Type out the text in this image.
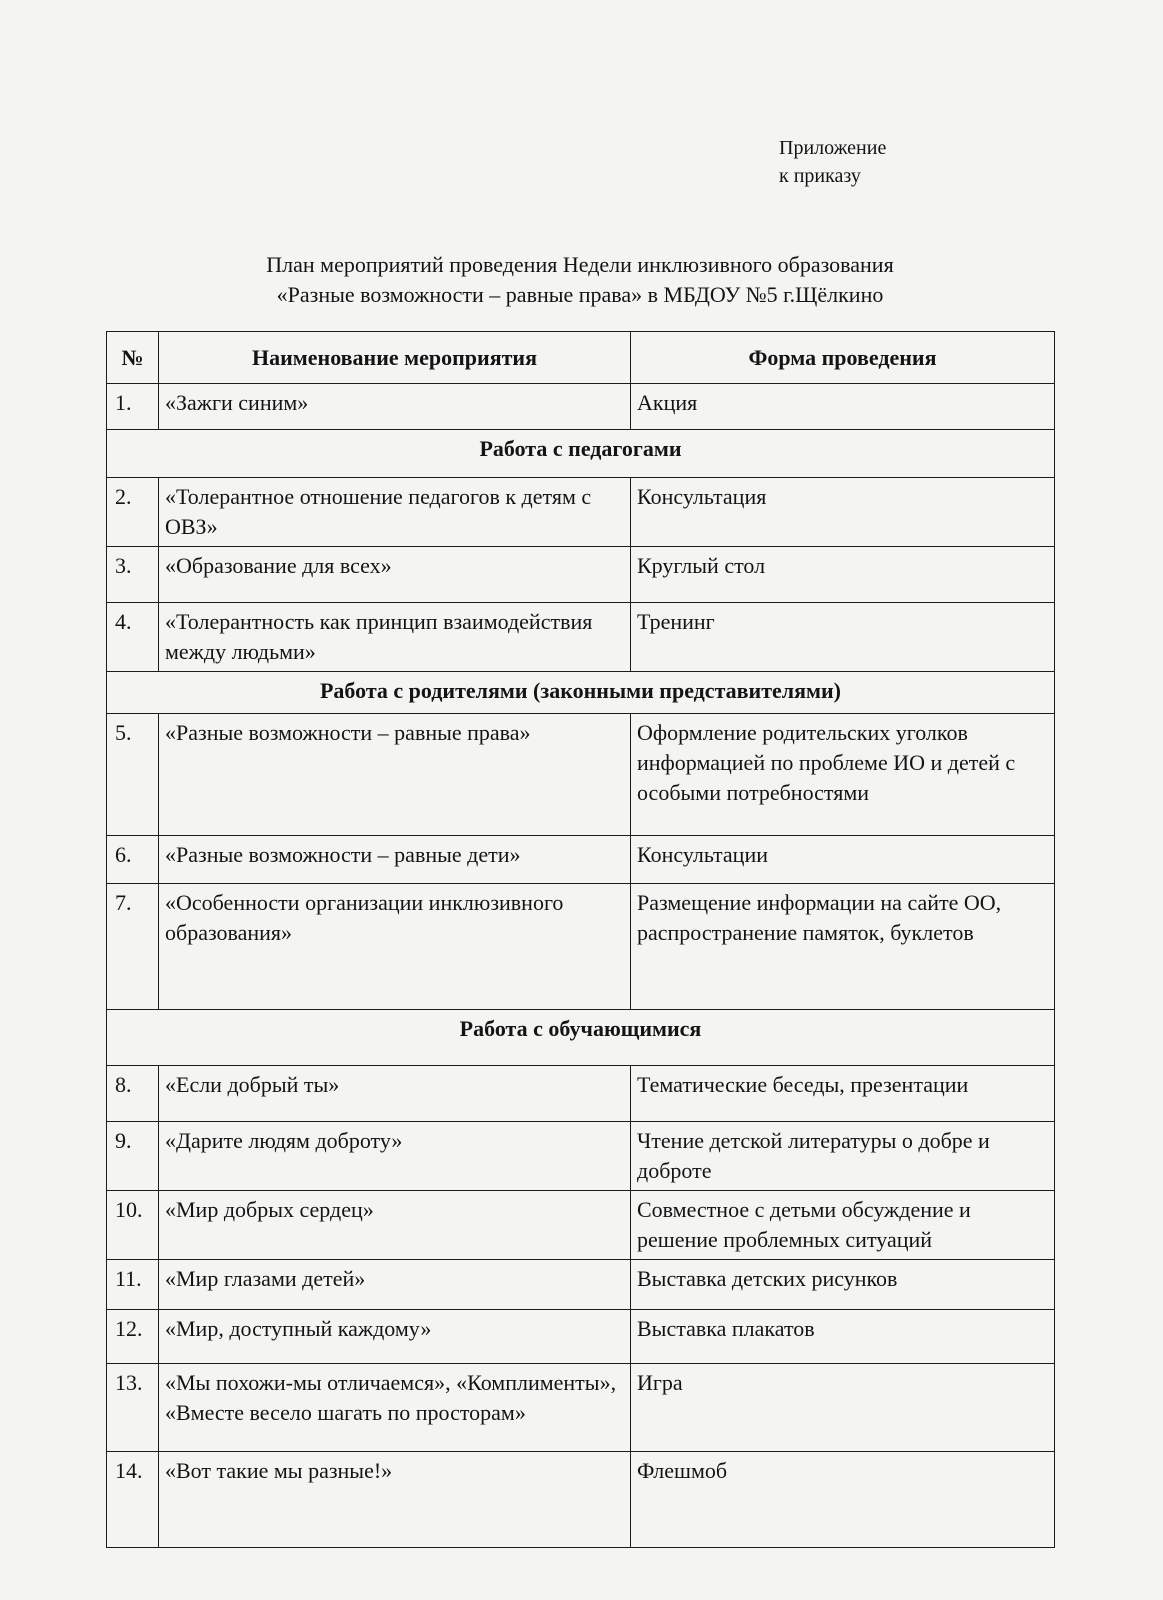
Приложение
к приказу
План мероприятий проведения Недели инклюзивного образования
«Разные возможности – равные права» в МБДОУ №5 г.Щёлкино
№	Наименование мероприятия	Форма проведения
1.	«Зажги синим»	Акция
Работа с педагогами		
2.	«Толерантное отношение педагогов к детям с ОВЗ»	Консультация
3.	«Образование для всех»	Круглый стол
4.	«Толерантность как принцип взаимодействия между людьми»	Тренинг
Работа с родителями (законными представителями)		
5.	«Разные возможности – равные права»	Оформление родительских уголков информацией по проблеме ИО и детей с особыми потребностями
6.	«Разные возможности – равные дети»	Консультации
7.	«Особенности организации инклюзивного образования»	Размещение информации на сайте ОО, распространение памяток, буклетов
Работа с обучающимися		
8.	«Если добрый ты»	Тематические беседы, презентации
9.	«Дарите людям доброту»	Чтение детской литературы о добре и доброте
10.	«Мир добрых сердец»	Совместное с детьми обсуждение и решение проблемных ситуаций
11.	«Мир глазами детей»	Выставка детских рисунков
12.	«Мир, доступный каждому»	Выставка плакатов
13.	«Мы похожи-мы отличаемся», «Комплименты», «Вместе весело шагать по просторам»	Игра
14.	«Вот такие мы разные!»	Флешмоб
